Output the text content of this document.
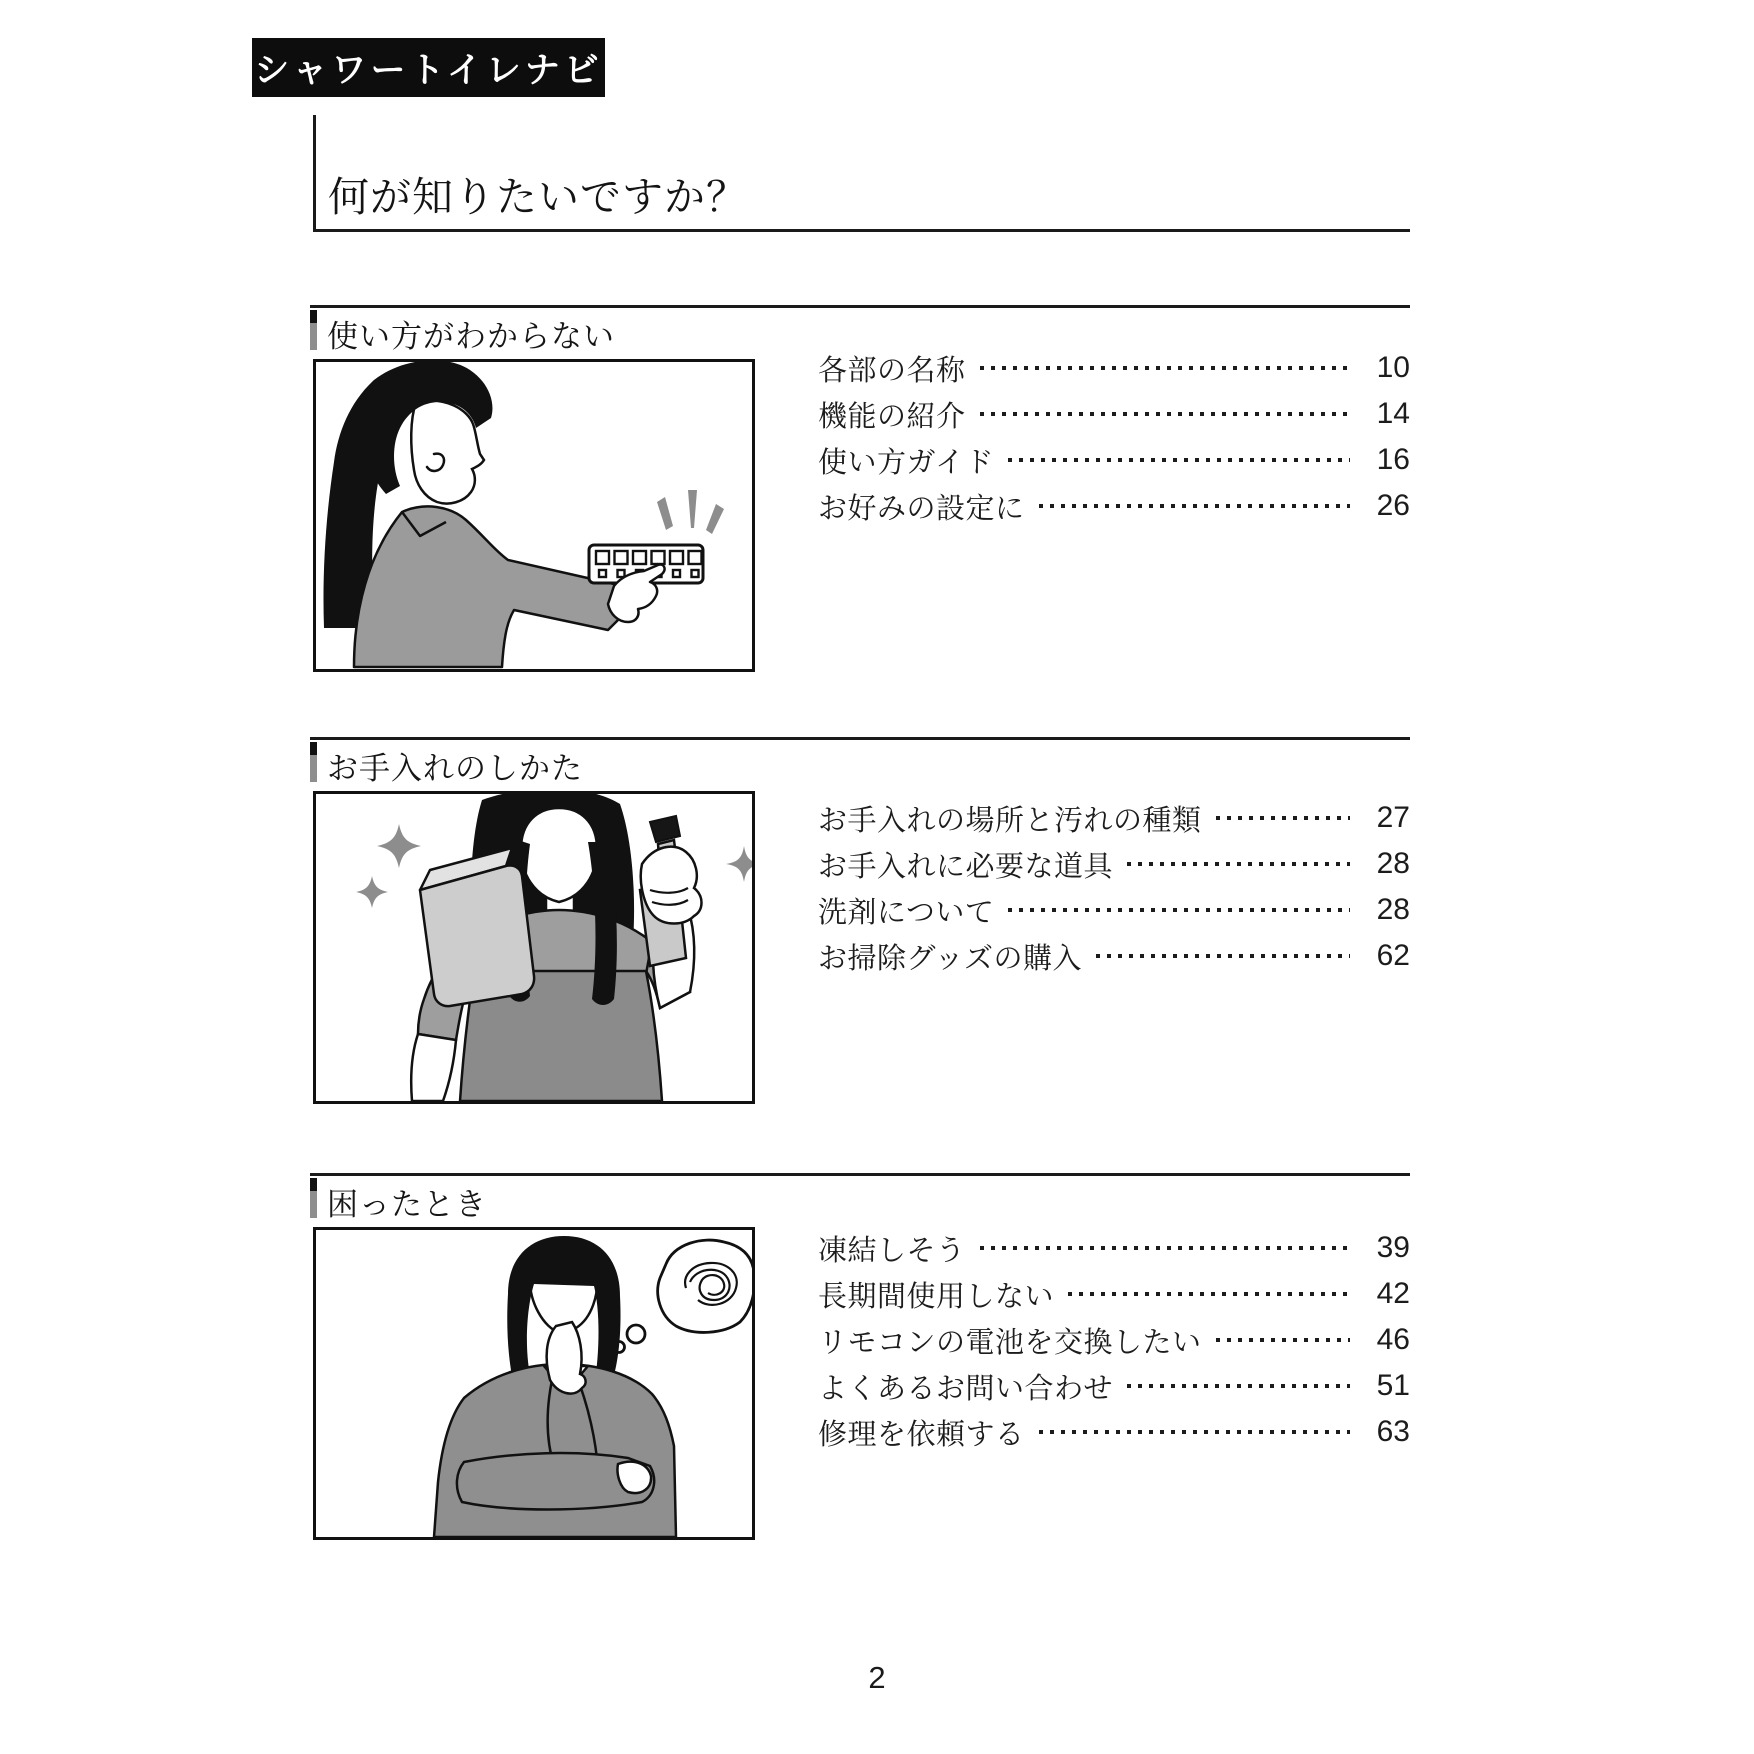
シャワートイレナビ
何が知りたいですか？
使い方がわからない
各部の名称	10
機能の紹介	14
使い方ガイド	16
お好みの設定に	26
お手入れのしかた
お手入れの場所と汚れの種類	27
お手入れに必要な道具	28
洗剤について	28
お掃除グッズの購入	62
困ったとき
凍結しそう	39
長期間使用しない	42
リモコンの電池を交換したい	46
よくあるお問い合わせ	51
修理を依頼する	63
2
